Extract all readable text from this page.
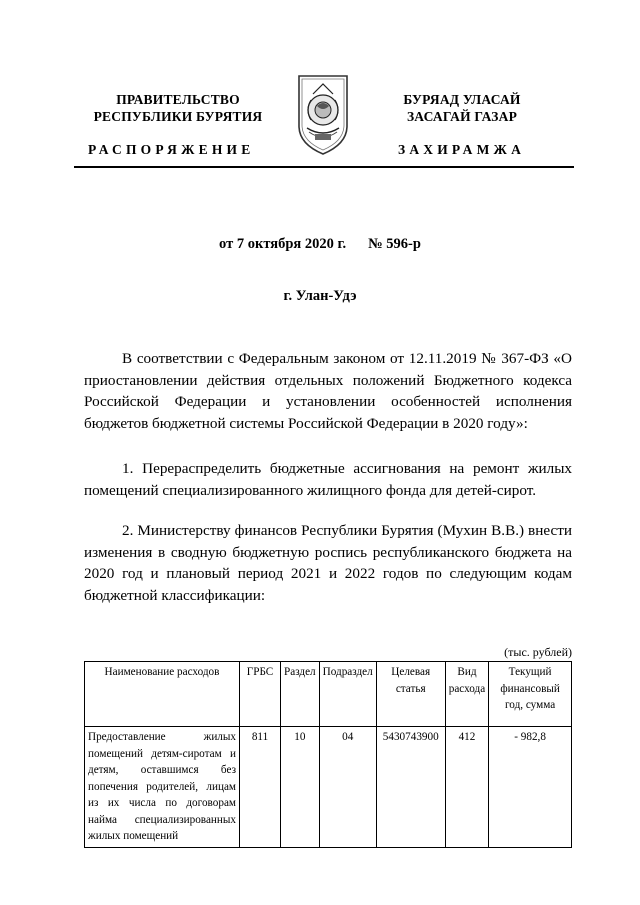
ПРАВИТЕЛЬСТВО
РЕСПУБЛИКИ БУРЯТИЯ
БУРЯАД УЛАСАЙ
ЗАСАГАЙ ГАЗАР
РАСПОРЯЖЕНИЕ	ЗАХИРАМЖА
от 7 октября 2020 г. № 596-р
г. Улан-Удэ
В соответствии с Федеральным законом от 12.11.2019 № 367-ФЗ «О приостановлении действия отдельных положений Бюджетного кодекса Российской Федерации и установлении особенностей исполнения бюджетов бюджетной системы Российской Федерации в 2020 году»:
1. Перераспределить бюджетные ассигнования на ремонт жилых помещений специализированного жилищного фонда для детей-сирот.
2. Министерству финансов Республики Бурятия (Мухин В.В.) внести изменения в сводную бюджетную роспись республиканского бюджета на 2020 год и плановый период 2021 и 2022 годов по следующим кодам бюджетной классификации:
(тыс. рублей)
Наименование расходов	ГРБС	Раздел	Подраздел	Целевая статья	Вид расхода	Текущий финансовый год, сумма
Предоставление жилых помещений детям-сиротам и детям, оставшимся без попечения родителей, лицам из их числа по договорам найма специализированных жилых помещений	811	10	04	5430743900	412	- 982,8
